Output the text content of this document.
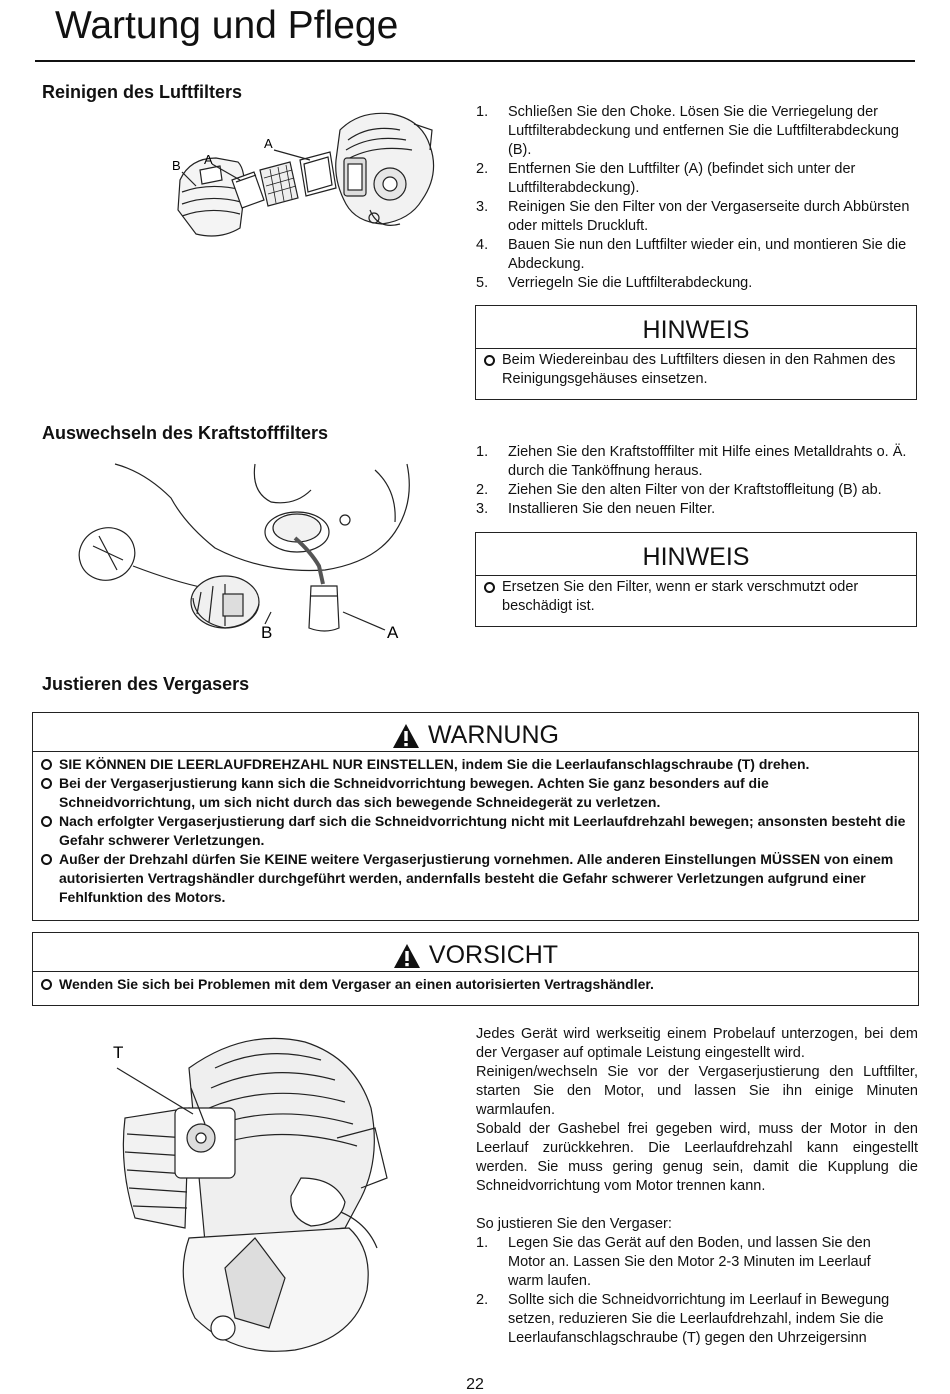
Wartung und Pflege
Reinigen des Luftfilters
B A
A
1. Schließen Sie den Choke. Lösen Sie die Verriegelung der Luftfilterabdeckung und entfernen Sie die Luftfilterabdeckung (B).
2. Entfernen Sie den Luftfilter (A) (befindet sich unter der Luftfilterabdeckung).
3. Reinigen Sie den Filter von der Vergaserseite durch Abbürsten oder mittels Druckluft.
4. Bauen Sie nun den Luftfilter wieder ein, und montieren Sie die Abdeckung.
5. Verriegeln Sie die Luftfilterabdeckung.
HINWEIS
Beim Wiedereinbau des Luftfilters diesen in den Rahmen des Reinigungsgehäuses einsetzen.
Auswechseln des Kraftstofffilters
B	A
1. Ziehen Sie den Kraftstofffilter mit Hilfe eines Metalldrahts o. Ä. durch die Tanköffnung heraus.
2. Ziehen Sie den alten Filter von der Kraftstoffleitung (B) ab.
3. Installieren Sie den neuen Filter.
HINWEIS
Ersetzen Sie den Filter, wenn er stark verschmutzt oder beschädigt ist.
Justieren des Vergasers
WARNUNG
SIE KÖNNEN DIE LEERLAUFDREHZAHL NUR EINSTELLEN, indem Sie die Leerlaufanschlagschraube (T) drehen.
Bei der Vergaserjustierung kann sich die Schneidvorrichtung bewegen. Achten Sie ganz besonders auf die Schneidvorrichtung, um sich nicht durch das sich bewegende Schneidegerät zu verletzen.
Nach erfolgter Vergaserjustierung darf sich die Schneidvorrichtung nicht mit Leerlaufdrehzahl bewegen; ansonsten besteht die Gefahr schwerer Verletzungen.
Außer der Drehzahl dürfen Sie KEINE weitere Vergaserjustierung vornehmen. Alle anderen Einstellungen MÜSSEN von einem autorisierten Vertragshändler durchgeführt werden, andernfalls besteht die Gefahr schwerer Verletzungen aufgrund einer Fehlfunktion des Motors.
VORSICHT
Wenden Sie sich bei Problemen mit dem Vergaser an einen autorisierten Vertragshändler.
T
Jedes Gerät wird werkseitig einem Probelauf unterzogen, bei dem der Vergaser auf optimale Leistung eingestellt wird.
Reinigen/wechseln Sie vor der Vergaserjustierung den Luftfilter, starten Sie den Motor, und lassen Sie ihn einige Minuten warmlaufen.
Sobald der Gashebel frei gegeben wird, muss der Motor in den Leerlauf zurückkehren. Die Leerlaufdrehzahl kann eingestellt werden. Sie muss gering genug sein, damit die Kupplung die Schneidvorrichtung vom Motor trennen kann.
So justieren Sie den Vergaser:
1. Legen Sie das Gerät auf den Boden, und lassen Sie den Motor an. Lassen Sie den Motor 2-3 Minuten im Leerlauf warm laufen.
2. Sollte sich die Schneidvorrichtung im Leerlauf in Bewegung setzen, reduzieren Sie die Leerlaufdrehzahl, indem Sie die Leerlaufanschlagschraube (T) gegen den Uhrzeigersinn
22
